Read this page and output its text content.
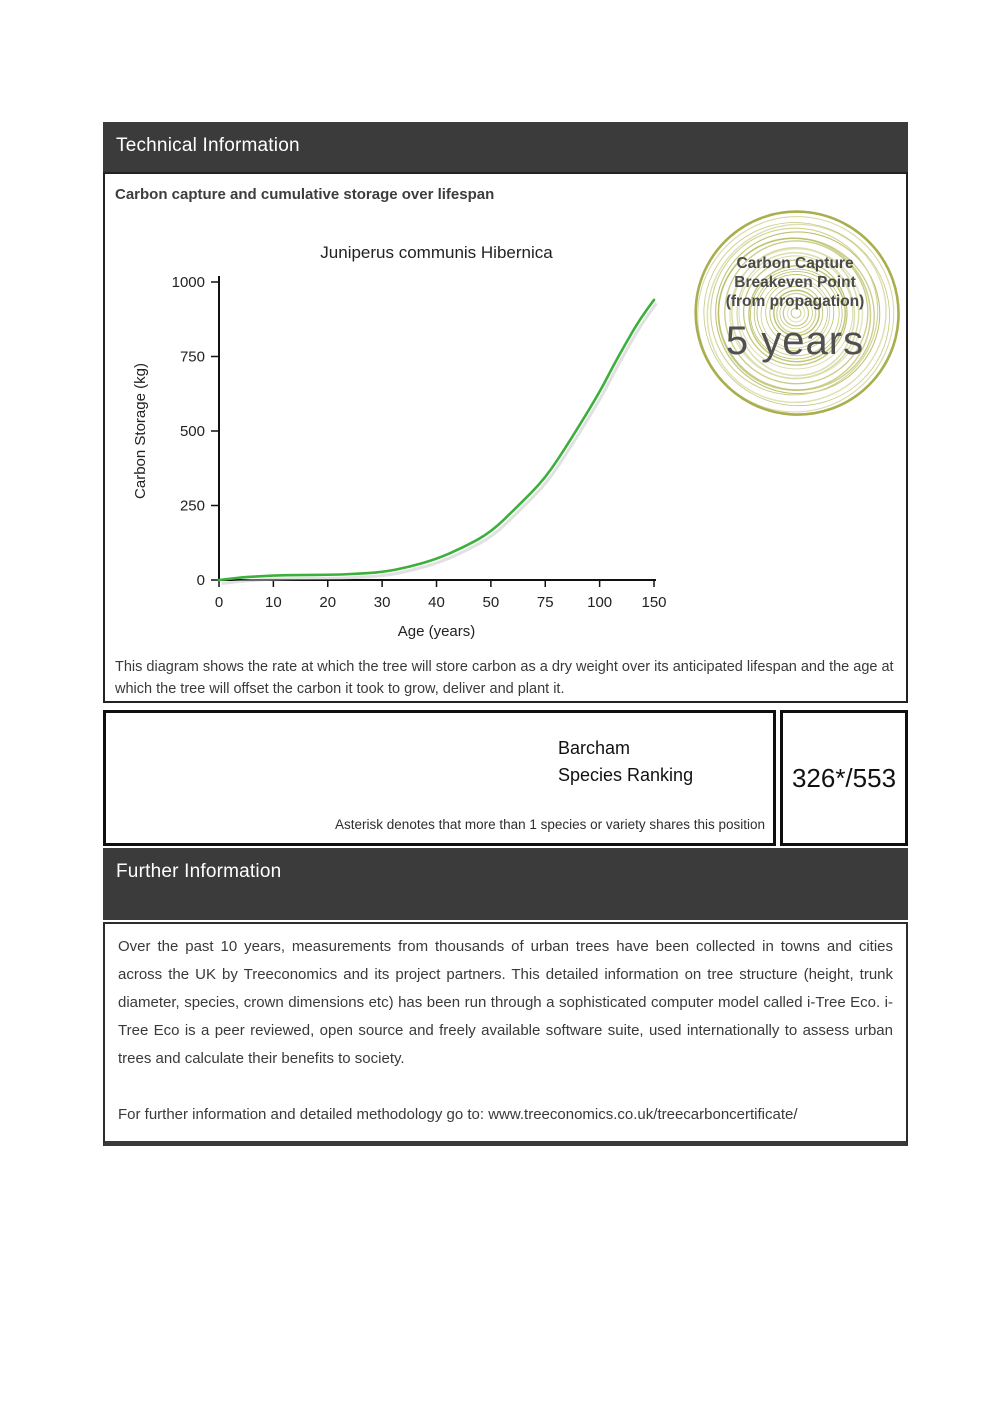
Technical Information
Carbon capture and cumulative storage over lifespan
Juniperus communis Hibernica
Age (years)
Carbon Storage (kg)
0	10	20	30	40	50	75 100 150
0
250
500
750
1000
Carbon Capture
Breakeven Point
(from propagation)
5 years
This diagram shows the rate at which the tree will store carbon as a dry weight over its anticipated lifespan and the age at which the tree will offset the carbon it took to grow, deliver and plant it.
Barcham
Species Ranking
Asterisk denotes that more than 1 species or variety shares this position
326*/553
Further Information

Over the past 10 years, measurements from thousands of urban trees have been collected in towns and cities across the UK by Treeconomics and its project partners. This detailed information on tree structure (height, trunk diameter, species, crown dimensions etc) has been run through a sophisticated computer model called i-Tree Eco. i-Tree Eco is a peer reviewed, open source and freely available software suite, used internationally to assess urban trees and calculate their benefits to society.

For further information and detailed methodology go to: www.treeconomics.co.uk/treecarboncertificate/
